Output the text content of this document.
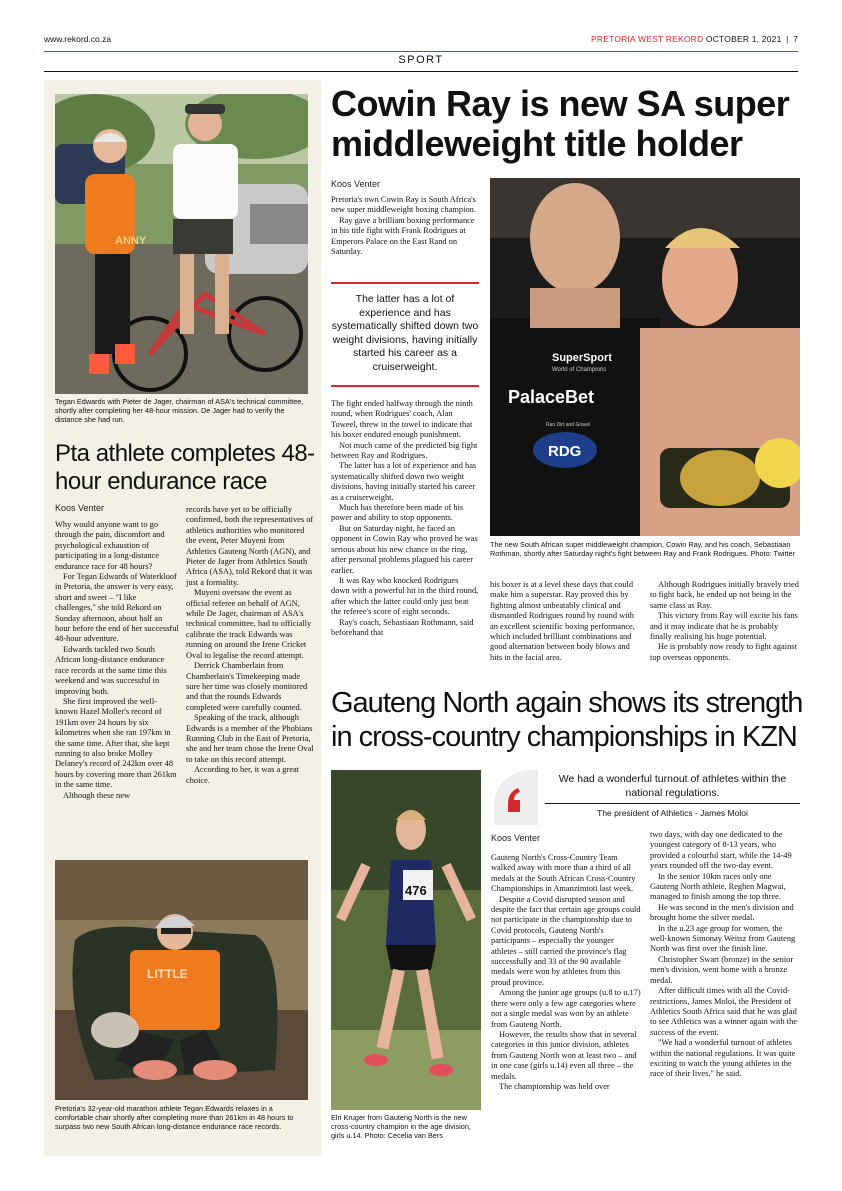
www.rekord.co.za	PRETORIA WEST REKORD OCTOBER 1, 2021 | 7
SPORT
ANNY
Tegan Edwards with Pieter de Jager, chairman of ASA's technical committee, shortly after completing her 48-hour mission. De Jager had to verify the distance she had run.
Pta athlete completes 48-hour endurance race
Koos Venter

Why would anyone want to go through the pain, discomfort and psychological exhaustion of participating in a long-distance endurance race for 48 hours?

For Tegan Edwards of Waterkloof in Pretoria, the answer is very easy, short and sweet – "I like challenges," she told Rekord on Sunday afternoon, about half an hour before the end of her successful 48-hour adventure.

Edwards tackled two South African long-distance endurance race records at the same time this weekend and was successful in improving both.

She first improved the well-known Hazel Moller's record of 191km over 24 hours by six kilometres when she ran 197km in the same time. After that, she kept running to also broke Molley Delaney's record of 242km over 48 hours by covering more than 261km in the same time.

Although these new

records have yet to be officially confirmed, both the representatives of athletics authorities who monitored the event, Peter Muyeni from Athletics Gauteng North (AGN), and Pieter de Jager from Athletics South Africa (ASA), told Rekord that it was just a formality.

Muyeni oversaw the event as official referee on behalf of AGN, while De Jager, chairman of ASA's technical committee, had to officially calibrate the track Edwards was running on around the Irene Cricket Oval to legalise the record attempt.

Derrick Chamberlain from Chamberlain's Timekeeping made sure her time was closely monitored and that the rounds Edwards completed were carefully counted.

Speaking of the track, although Edwards is a member of the Phobians Running Club in the East of Pretoria, she and her team chose the Irene Oval to take on this record attempt.

According to her, it was a great choice.

LITTLE
Pretoria's 32-year-old marathon athlete Tegan Edwards relaxes in a comfortable chair shortly after completing more than 261km in 48 hours to surpass two new South African long-distance endurance race records.
Cowin Ray is new SA super middleweight title holder
Koos Venter

Pretoria's own Cowin Ray is South Africa's new super middleweight boxing champion.

Ray gave a brilliant boxing performance in his title fight with Frank Rodrigues at Emperors Palace on the East Rand on Saturday.

The latter has a lot of experience and has systematically shifted down two weight divisions, having initially started his career as a cruiserweight.

The fight ended halfway through the ninth round, when Rodrigues' coach, Alan Toweel, threw in the towel to indicate that his boxer endured enough punishment.

Not much came of the predicted big fight between Ray and Rodrigues.

The latter has a lot of experience and has systematically shifted down two weight divisions, having initially started his career as a cruiserweight.

Much has therefore been made of his power and ability to stop opponents.

But on Saturday night, he faced an opponent in Cowin Ray who proved he was serious about his new chance in the ring, after personal problems plagued his career earlier.

It was Ray who knocked Rodrigues down with a powerful hit in the third round, after which the latter could only just beat the referee's score of eight seconds.

Ray's coach, Sebastiaan Rothmann, said beforehand that

SuperSport
World of Champions
PalaceBet
Ran Dirt and Gravel
RDG
The new South African super middleweight champion, Cowin Ray, and his coach, Sebastiaan Rothman, shortly after Saturday night's fight between Ray and Frank Rodrigues. Photo: Twitter

his boxer is at a level these days that could make him a superstar. Ray proved this by fighting almost unbeatably clinical and dismantled Rodrigues round by round with an excellent scientific boxing performance, which included brilliant combinations and good alternation between body blows and hits in the facial area.

Although Rodrigues initially bravely tried to fight back, he ended up not being in the same class as Ray.

This victory from Ray will excite his fans and it may indicate that he is probably finally realising his huge potential.

He is probably now ready to fight against top overseas opponents.

Gauteng North again shows its strength in cross-country championships in KZN
476
Elri Kruger from Gauteng North is the new cross-country champion in the age division, girls u.14. Photo: Cecelia van Bers
We had a wonderful turnout of athletes within the national regulations.
The president of Athletics - James Moloi
Koos Venter

Gauteng North's Cross-Country Team walked away with more than a third of all medals at the South African Cross-Country Championships in Amanzimtoti last week.

Despite a Covid disrupted season and despite the fact that certain age groups could not participate in the championship due to Covid protocols, Gauteng North's participants – especially the younger athletes – still carried the province's flag successfully and 33 of the 90 available medals were won by athletes from this proud province.

Among the junior age groups (u.8 to u.17) there were only a few age categories where not a single medal was won by an athlete from Gauteng North.

However, the results show that in several categories in this junior division, athletes from Gauteng North won at least two – and in one case (girls u.14) even all three – the medals.

The championship was held over

two days, with day one dedicated to the youngest category of 8-13 years, who provided a colourful start, while the 14-49 years rounded off the two-day event.

In the senior 10km races only one Gauteng North athlete, Reghen Magwai, managed to finish among the top three.

He was second in the men's division and brought home the silver medal.

In the u.23 age group for women, the well-known Simonay Weitsz from Gauteng North was first over the finish line.

Christopher Swart (bronze) in the senior men's division, went home with a bronze medal.

After difficult times with all the Covid-restrictions, James Moloi, the President of Athletics South Africa said that he was glad to see Athletics was a winner again with the success of the event.

"We had a wonderful turnout of athletes within the national regulations. It was quite exciting to watch the young athletes in the race of their lives," he said.
